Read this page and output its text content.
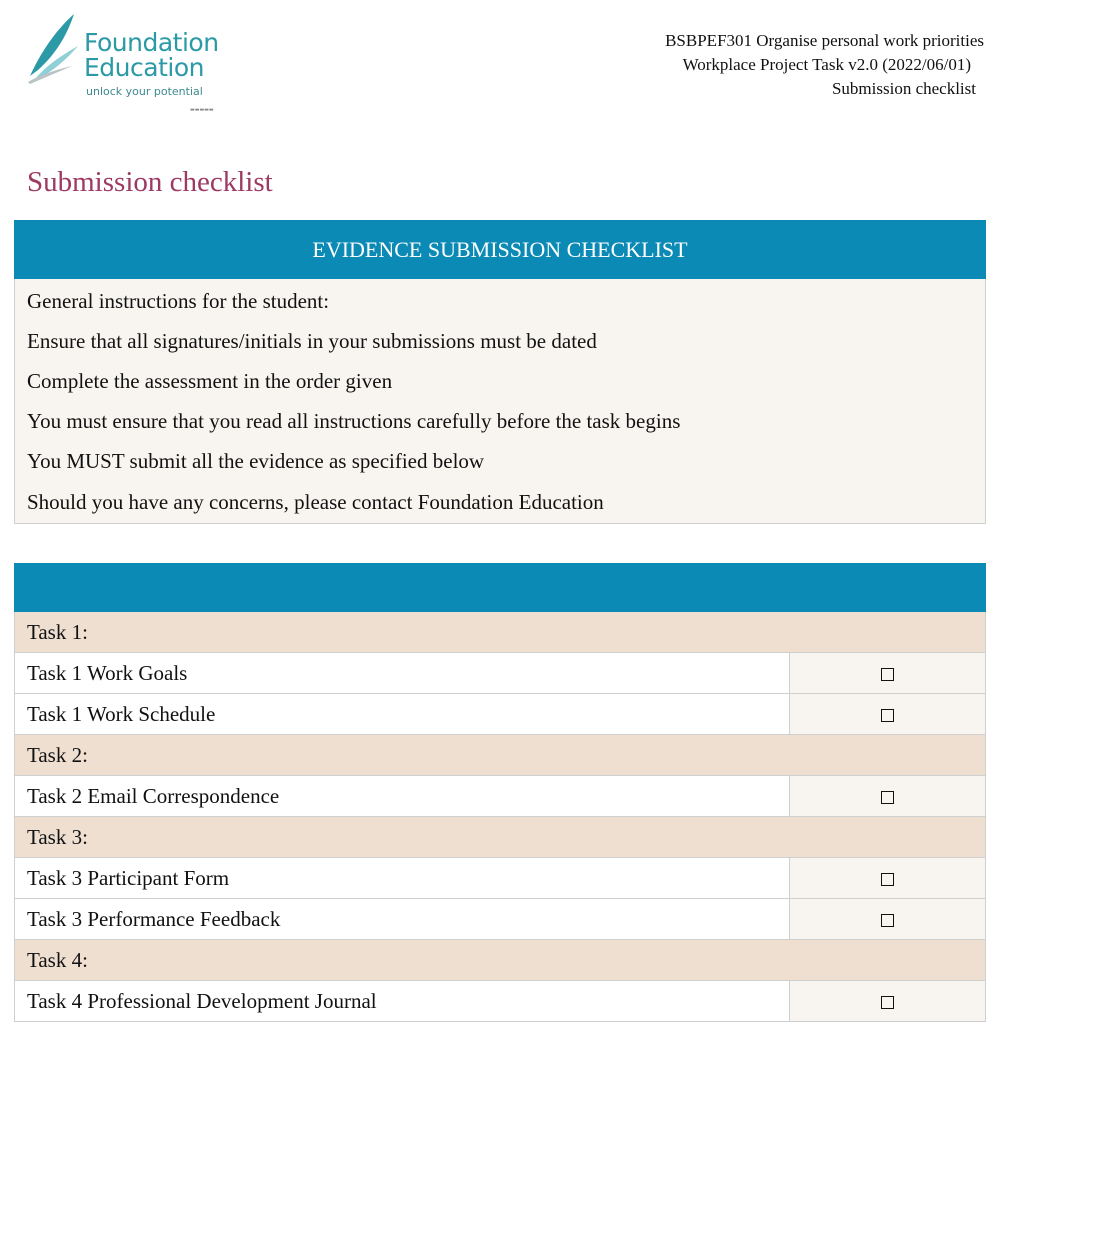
Foundation
Education
unlock your potential
▬▬▬▬▬
BSBPEF301 Organise personal work priorities
Workplace Project Task v2.0 (2022/06/01)
Submission checklist
Submission checklist
EVIDENCE SUBMISSION CHECKLIST
General instructions for the student:
Ensure that all signatures/initials in your submissions must be dated
Complete the assessment in the order given
You must ensure that you read all instructions carefully before the task begins
You MUST submit all the evidence as specified below
Should you have any concerns, please contact Foundation Education

Task 1:	
Task 1 Work Goals	
Task 1 Work Schedule	
Task 2:	
Task 2 Email Correspondence	
Task 3:	
Task 3 Participant Form	
Task 3 Performance Feedback	
Task 4:	
Task 4 Professional Development Journal	
